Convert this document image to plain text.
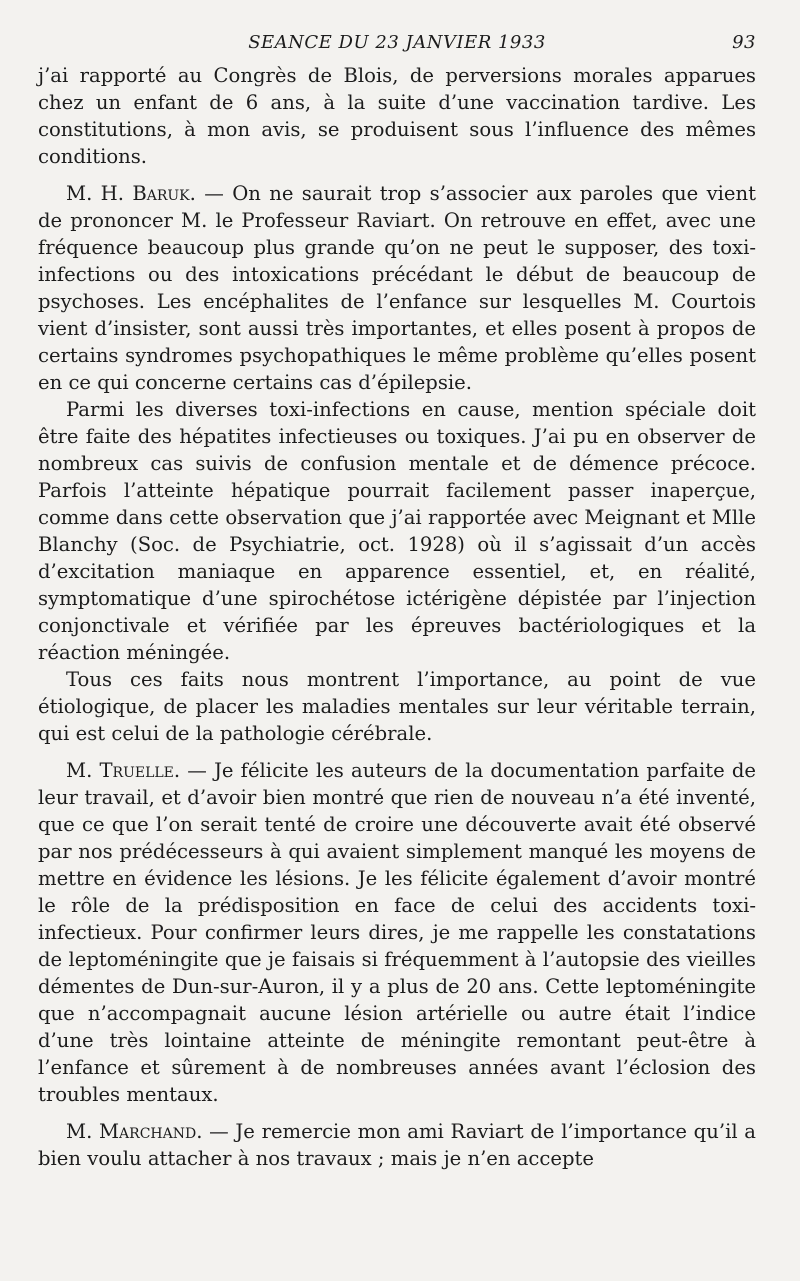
SEANCE DU 23 JANVIER 1933	93

j’ai rapporté au Congrès de Blois, de perversions morales apparues chez un enfant de 6 ans, à la suite d’une vaccination tardive. Les constitutions, à mon avis, se produisent sous l’influence des mêmes conditions.

M. H. Baruk. — On ne saurait trop s’associer aux paroles que vient de prononcer M. le Professeur Raviart. On retrouve en effet, avec une fréquence beaucoup plus grande qu’on ne peut le supposer, des toxi-infections ou des intoxications précédant le début de beaucoup de psychoses. Les encéphalites de l’enfance sur lesquelles M. Courtois vient d’insister, sont aussi très importantes, et elles posent à propos de certains syndromes psychopathiques le même problème qu’elles posent en ce qui concerne certains cas d’épilepsie.

Parmi les diverses toxi-infections en cause, mention spéciale doit être faite des hépatites infectieuses ou toxiques. J’ai pu en observer de nombreux cas suivis de confusion mentale et de démence précoce. Parfois l’atteinte hépatique pourrait facilement passer inaperçue, comme dans cette observation que j’ai rapportée avec Meignant et Mlle Blanchy (Soc. de Psychiatrie, oct. 1928) où il s’agissait d’un accès d’excitation maniaque en apparence essentiel, et, en réalité, symptomatique d’une spirochétose ictérigène dépistée par l’injection conjonctivale et vérifiée par les épreuves bactériologiques et la réaction méningée.

Tous ces faits nous montrent l’importance, au point de vue étiologique, de placer les maladies mentales sur leur véritable terrain, qui est celui de la pathologie cérébrale.

M. Truelle. — Je félicite les auteurs de la documentation parfaite de leur travail, et d’avoir bien montré que rien de nouveau n’a été inventé, que ce que l’on serait tenté de croire une découverte avait été observé par nos prédécesseurs à qui avaient simplement manqué les moyens de mettre en évidence les lésions. Je les félicite également d’avoir montré le rôle de la prédisposition en face de celui des accidents toxi-infectieux. Pour confirmer leurs dires, je me rappelle les constatations de leptoméningite que je faisais si fréquemment à l’autopsie des vieilles démentes de Dun-sur-Auron, il y a plus de 20 ans. Cette leptoméningite que n’accompagnait aucune lésion artérielle ou autre était l’indice d’une très lointaine atteinte de méningite remontant peut-être à l’enfance et sûrement à de nombreuses années avant l’éclosion des troubles mentaux.

M. Marchand. — Je remercie mon ami Raviart de l’importance qu’il a bien voulu attacher à nos travaux ; mais je n’en accepte
